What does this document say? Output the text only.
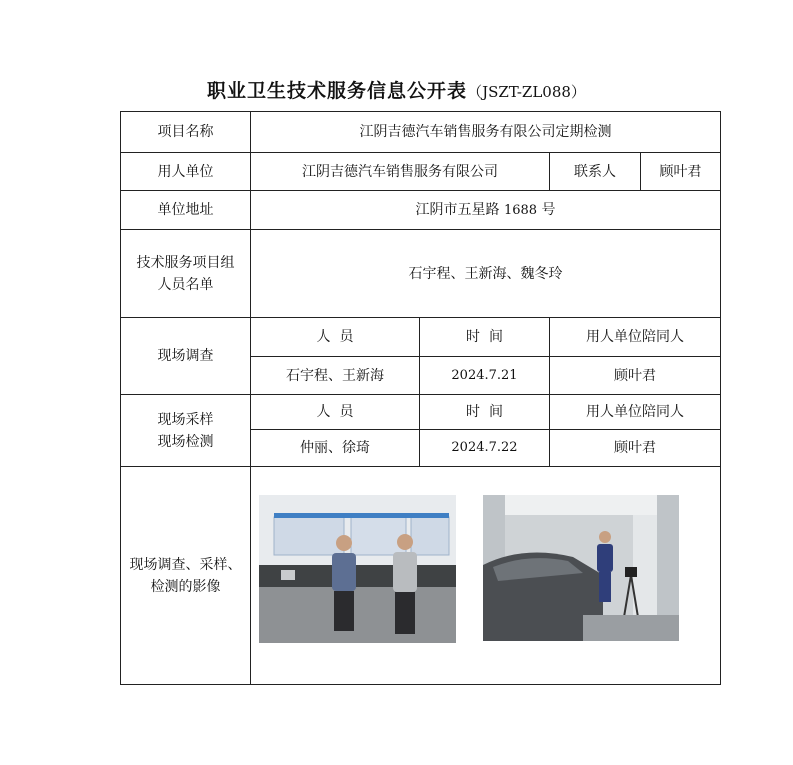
职业卫生技术服务信息公开表（JSZT-ZL088）
项目名称	江阴吉德汽车销售服务有限公司定期检测			
用人单位	江阴吉德汽车销售服务有限公司		联系人	顾叶君
单位地址	江阴市五星路 1688 号			

技术服务项目组
人员名单	石宇程、王新海、魏冬玲			
现场调查	人  员	时  间	用人单位陪同人	
	石宇程、王新海	2024.7.21	顾叶君	

现场采样
现场检测	人  员	时  间	用人单位陪同人	
	仲丽、徐琦	2024.7.22	顾叶君	

现场调查、采样、
检测的影像
